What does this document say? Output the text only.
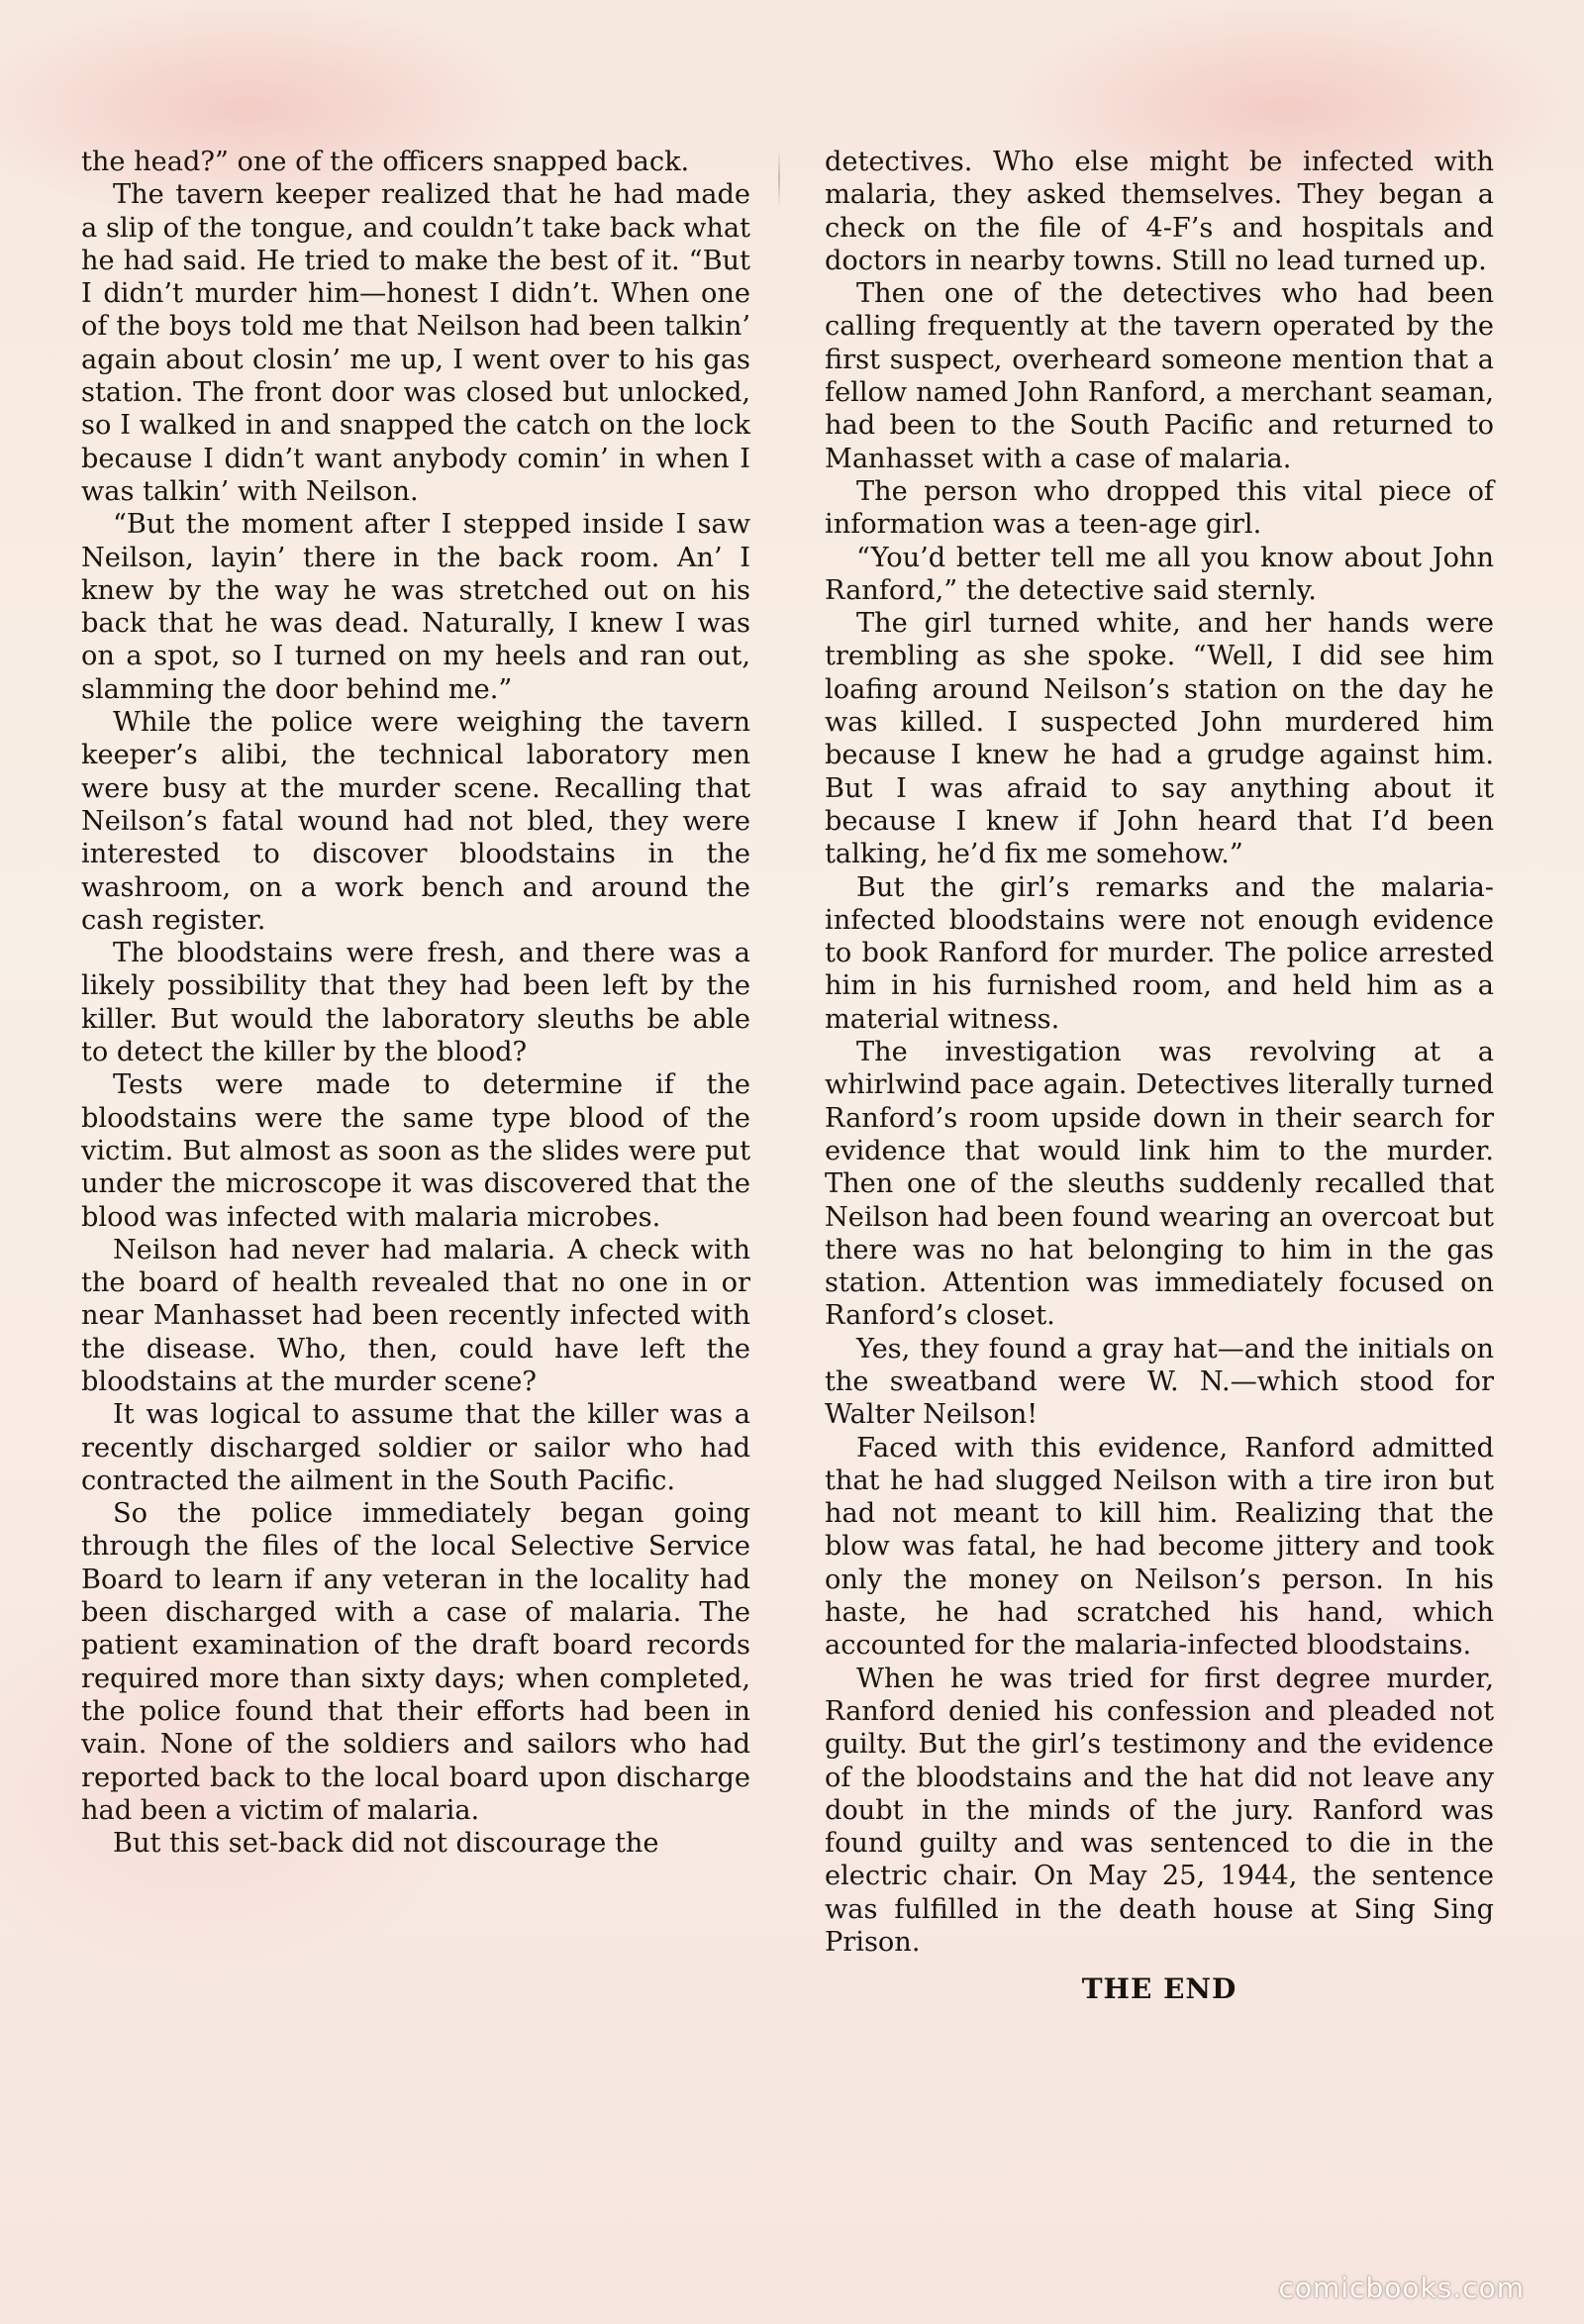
the head?” one of the officers snapped back.

The tavern keeper realized that he had made a slip of the tongue, and couldn’t take back what he had said. He tried to make the best of it. “But I didn’t murder him—honest I didn’t. When one of the boys told me that Neilson had been talkin’ again about closin’ me up, I went over to his gas station. The front door was closed but unlocked, so I walked in and snapped the catch on the lock because I didn’t want anybody comin’ in when I was talkin’ with Neilson.

“But the moment after I stepped inside I saw Neilson, layin’ there in the back room. An’ I knew by the way he was stretched out on his back that he was dead. Naturally, I knew I was on a spot, so I turned on my heels and ran out, slamming the door behind me.”

While the police were weighing the tavern keeper’s alibi, the technical laboratory men were busy at the murder scene. Recalling that Neilson’s fatal wound had not bled, they were interested to discover bloodstains in the washroom, on a work bench and around the cash register.

The bloodstains were fresh, and there was a likely possibility that they had been left by the killer. But would the laboratory sleuths be able to detect the killer by the blood?

Tests were made to determine if the bloodstains were the same type blood of the victim. But almost as soon as the slides were put under the microscope it was discovered that the blood was infected with malaria microbes.

Neilson had never had malaria. A check with the board of health revealed that no one in or near Manhasset had been recently infected with the disease. Who, then, could have left the bloodstains at the murder scene?

It was logical to assume that the killer was a recently discharged soldier or sailor who had contracted the ailment in the South Pacific.

So the police immediately began going through the files of the local Selective Service Board to learn if any veteran in the locality had been discharged with a case of malaria. The patient examination of the draft board records required more than sixty days; when completed, the police found that their efforts had been in vain. None of the soldiers and sailors who had reported back to the local board upon discharge had been a victim of malaria.

But this set-back did not discourage the

detectives. Who else might be infected with malaria, they asked themselves. They began a check on the file of 4-F’s and hospitals and doctors in nearby towns. Still no lead turned up.

Then one of the detectives who had been calling frequently at the tavern operated by the first suspect, overheard someone mention that a fellow named John Ranford, a merchant seaman, had been to the South Pacific and returned to Manhasset with a case of malaria.

The person who dropped this vital piece of information was a teen-age girl.

“You’d better tell me all you know about John Ranford,” the detective said sternly.

The girl turned white, and her hands were trembling as she spoke. “Well, I did see him loafing around Neilson’s station on the day he was killed. I suspected John murdered him because I knew he had a grudge against him. But I was afraid to say anything about it because I knew if John heard that I’d been talking, he’d fix me somehow.”

But the girl’s remarks and the malaria-infected bloodstains were not enough evidence to book Ranford for murder. The police arrested him in his furnished room, and held him as a material witness.

The investigation was revolving at a whirlwind pace again. Detectives literally turned Ranford’s room upside down in their search for evidence that would link him to the murder. Then one of the sleuths suddenly recalled that Neilson had been found wearing an overcoat but there was no hat belonging to him in the gas station. Attention was immediately focused on Ranford’s closet.

Yes, they found a gray hat—and the initials on the sweatband were W. N.—which stood for Walter Neilson!

Faced with this evidence, Ranford admitted that he had slugged Neilson with a tire iron but had not meant to kill him. Realizing that the blow was fatal, he had become jittery and took only the money on Neilson’s person. In his haste, he had scratched his hand, which accounted for the malaria-infected bloodstains.

When he was tried for first degree murder, Ranford denied his confession and pleaded not guilty. But the girl’s testimony and the evidence of the bloodstains and the hat did not leave any doubt in the minds of the jury. Ranford was found guilty and was sentenced to die in the electric chair. On May 25, 1944, the sentence was fulfilled in the death house at Sing Sing Prison.

THE END
comicbooks.com
